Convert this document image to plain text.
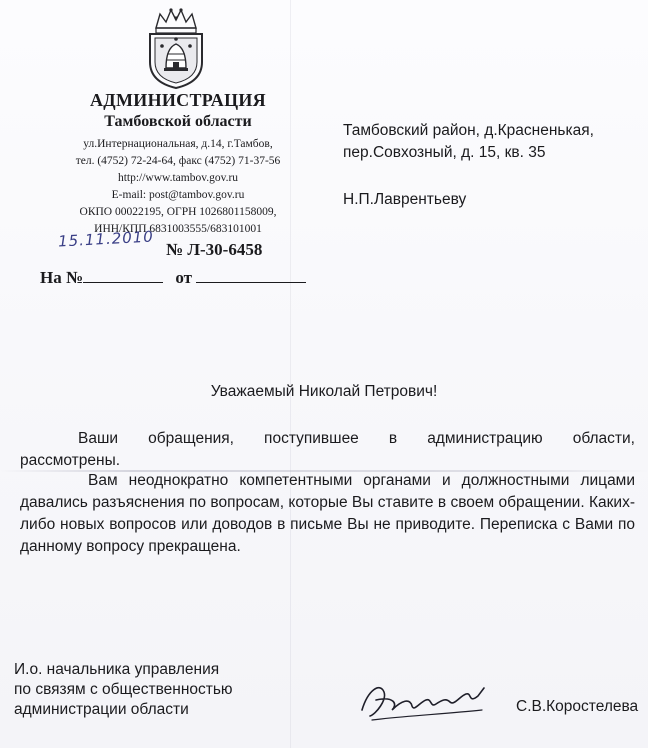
АДМИНИСТРАЦИЯ
Тамбовской области
ул.Интернациональная, д.14, г.Тамбов,
тел. (4752) 72-24-64, факс (4752) 71-37-56
http://www.tambov.gov.ru
E-mail: post@tambov.gov.ru
ОКПО 00022195, ОГРН 1026801158009,
ИНН/КПП 6831003555/683101001
15.11.2010 № Л-30-6458
На №	от
Тамбовский район, д.Красненькая,
пер.Совхозный, д. 15, кв. 35
Н.П.Лаврентьеву
Уважаемый Николай Петрович!
Ваши обращения, поступившее в администрацию области, рассмотрены.
Вам неоднократно компетентными органами и должностными лицами давались разъяснения по вопросам, которые Вы ставите в своем обращении. Каких-либо новых вопросов или доводов в письме Вы не приводите. Переписка с Вами по данному вопросу прекращена.
И.о. начальника управления
по связям с общественностью
администрации области	С.В.Коростелева
